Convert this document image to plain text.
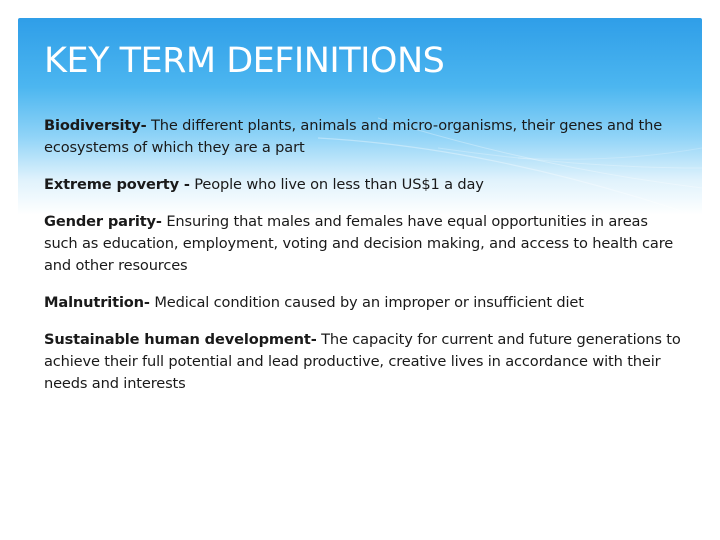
KEY TERM DEFINITIONS

Biodiversity- The different plants, animals and micro-organisms, their genes and the ecosystems of which they are a part

Extreme poverty - People who live on less than US$1 a day

Gender parity- Ensuring that males and females have equal opportunities in areas such as education, employment, voting and decision making, and access to health care and other resources

Malnutrition- Medical condition caused by an improper or insufficient diet

Sustainable human development- The capacity for current and future generations to achieve their full potential and lead productive, creative lives in accordance with their needs and interests
